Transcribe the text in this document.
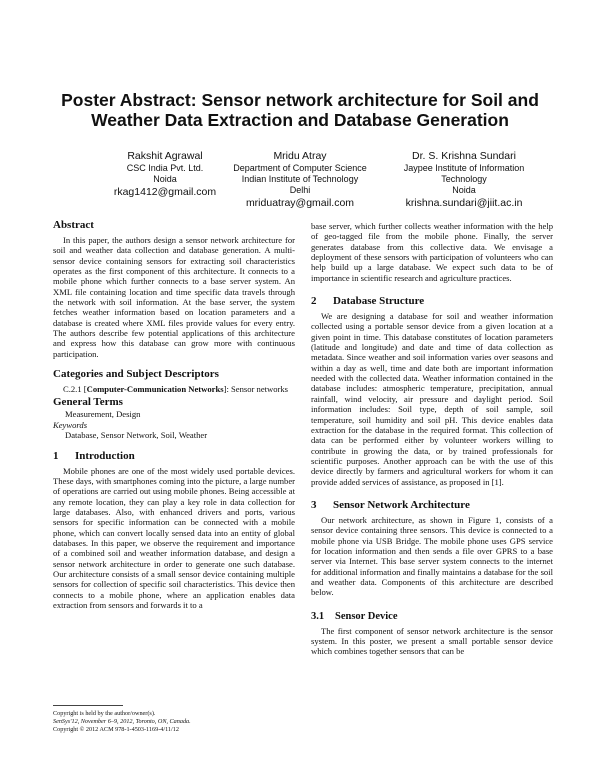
Poster Abstract: Sensor network architecture for Soil and
Weather Data Extraction and Database Generation
Rakshit Agrawal
CSC India Pvt. Ltd.
Noida
rkag1412@gmail.com
Mridu Atray
Department of Computer Science
Indian Institute of Technology
Delhi
mriduatray@gmail.com
Dr. S. Krishna Sundari
Jaypee Institute of Information
Technology
Noida
krishna.sundari@jiit.ac.in
Abstract

In this paper, the authors design a sensor network architecture for soil and weather data collection and database generation. A multi-sensor device containing sensors for extracting soil characteristics operates as the first component of this architecture. It connects to a mobile phone which further connects to a base server system. An XML file containing location and time specific data travels through the network with soil information. At the base server, the system fetches weather information based on location parameters and a database is created where XML files provide values for every entry. The authors describe few potential applications of this architecture and express how this database can grow more with continuous participation.

Categories and Subject Descriptors

C.2.1 [Computer-Communication Networks]: Sensor networks

General Terms

Measurement, Design

Keywords

Database, Sensor Network, Soil, Weather

1 Introduction

Mobile phones are one of the most widely used portable devices. These days, with smartphones coming into the picture, a large number of operations are carried out using mobile phones. Being accessible at any remote location, they can play a key role in data collection for large databases. Also, with enhanced drivers and ports, various sensors for specific information can be connected with a mobile phone, which can convert locally sensed data into an entity of global databases. In this paper, we observe the requirement and importance of a combined soil and weather information database, and design a sensor network architecture in order to generate one such database. Our architecture consists of a small sensor device containing multiple sensors for collection of specific soil characteristics. This device then connects to a mobile phone, where an application enables data extraction from sensors and forwards it to a

Copyright is held by the author/owner(s).
SenSys'12, November 6–9, 2012, Toronto, ON, Canada.
Copyright © 2012 ACM 978-1-4503-1169-4/11/12

base server, which further collects weather information with the help of geo-tagged file from the mobile phone. Finally, the server generates database from this collective data. We envisage a deployment of these sensors with participation of volunteers who can help build up a large database. We expect such data to be of importance in scientific research and agriculture practices.

2 Database Structure

We are designing a database for soil and weather information collected using a portable sensor device from a given location at a given point in time. This database constitutes of location parameters (latitude and longitude) and date and time of data collection as metadata. Since weather and soil information varies over seasons and within a day as well, time and date both are important information needed with the collected data. Weather information contained in the database includes: atmospheric temperature, precipitation, annual rainfall, wind velocity, air pressure and daylight period. Soil information includes: Soil type, depth of soil sample, soil temperature, soil humidity and soil pH. This device enables data extraction for the database in the required format. This collection of data can be performed either by volunteer workers willing to contribute in growing the data, or by trained professionals for scientific purposes. Another approach can be with the use of this device directly by farmers and agricultural workers for whom it can provide added services of assistance, as proposed in [1].

3 Sensor Network Architecture

Our network architecture, as shown in Figure 1, consists of a sensor device containing three sensors. This device is connected to a mobile phone via USB Bridge. The mobile phone uses GPS service for location information and then sends a file over GPRS to a base server via Internet. This base server system connects to the internet for additional information and finally maintains a database for the soil and weather data. Components of this architecture are described below.

3.1 Sensor Device

The first component of sensor network architecture is the sensor system. In this poster, we present a small portable sensor device which combines together sensors that can be
